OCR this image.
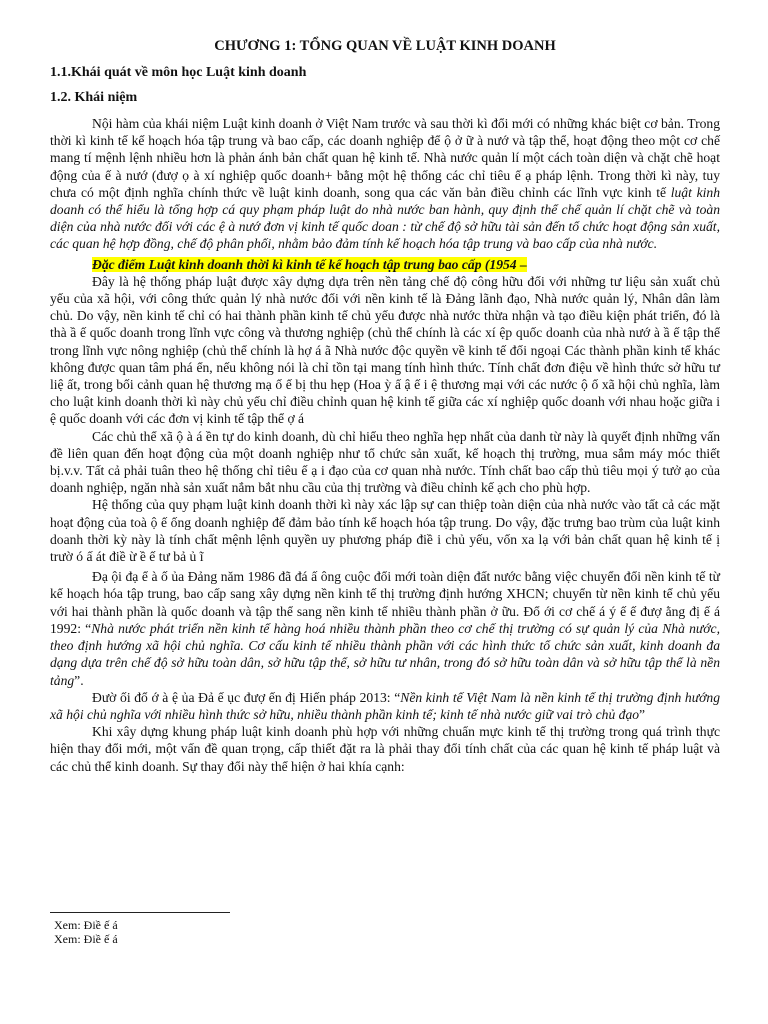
CHƯƠNG 1: TỔNG QUAN VỀ LUẬT KINH DOANH
1.1.Khái quát về môn học Luật kinh doanh
1.2. Khái niệm

Nội hàm của khái niệm Luật kinh doanh ở Việt Nam trước và sau thời kì đổi mới có những khác biệt cơ bản. Trong thời kì kinh tế kế hoạch hóa tập trung và bao cấp, các doanh nghiệp để ộ ở ữ à nướ và tập thể, hoạt động theo một cơ chế mang tí mệnh lệnh nhiều hơn là phản ánh bản chất quan hệ kinh tế. Nhà nước quản lí một cách toàn diện và chặt chẽ hoạt động của ế à nướ (đượ ọ à xí nghiệp quốc doanh+ bằng một hệ thống các chỉ tiêu ế ạ pháp lệnh. Trong thời kì này, tuy chưa có một định nghĩa chính thức về luật kinh doanh, song qua các văn bản điều chỉnh các lĩnh vực kinh tế luật kinh doanh có thể hiểu là tổng hợp cá quy phạm pháp luật do nhà nước ban hành, quy định thể chế quản lí chặt chẽ và toàn diện của nhà nước đối với các ệ à nướ đơn vị kinh tế quốc doan : từ chế độ sở hữu tài sản đến tổ chức hoạt động sản xuất, các quan hệ hợp đồng, chế độ phân phối, nhằm bảo đảm tính kế hoạch hóa tập trung và bao cấp của nhà nước.

Đặc điểm Luật kinh doanh thời kì kinh tế kế hoạch tập trung bao cấp (1954 –

Đây là hệ thống pháp luật được xây dựng dựa trên nền tảng chế độ công hữu đối với những tư liệu sản xuất chủ yếu của xã hội, với công thức quản lý nhà nước đối với nền kinh tế là Đảng lãnh đạo, Nhà nước quản lý, Nhân dân làm chủ. Do vậy, nền kinh tế chỉ có hai thành phần kinh tế chủ yếu được nhà nước thừa nhận và tạo điều kiện phát triển, đó là thà ầ ế quốc doanh trong lĩnh vực công và thương nghiệp (chủ thể chính là các xí ệp quốc doanh của nhà nướ à ầ ế tập thể trong lĩnh vực nông nghiệp (chủ thể chính là hợ á ã Nhà nước độc quyền về kinh tế đối ngoại Các thành phần kinh tế khác không được quan tâm phá ển, nếu không nói là chỉ tồn tại mang tính hình thức. Tính chất đơn điệu về hình thức sở hữu tư liệ ất, trong bối cảnh quan hệ thương mạ ố ế bị thu hẹp (Hoa ỳ ấ ậ ế i ệ thương mại với các nước ộ ố xã hội chủ nghĩa, làm cho luật kinh doanh thời kì này chủ yếu chỉ điều chỉnh quan hệ kinh tế giữa các xí nghiệp quốc doanh với nhau hoặc giữa i ệ quốc doanh với các đơn vị kinh tế tập thể ợ á

Các chủ thể xã ộ à á ền tự do kinh doanh, dù chỉ hiểu theo nghĩa hẹp nhất của danh từ này là quyết định những vấn đề liên quan đến hoạt động của một doanh nghiệp như tổ chức sản xuất, kế hoạch thị trường, mua sắm máy móc thiết bị.v.v. Tất cả phải tuân theo hệ thống chỉ tiêu ế ạ i đạo của cơ quan nhà nước. Tính chất bao cấp thủ tiêu mọi ý tưở ạo của doanh nghiệp, ngăn nhà sản xuất nắm bắt nhu cầu của thị trường và điều chỉnh kế ạch cho phù hợp.

Hệ thống của quy phạm luật kinh doanh thời kì này xác lập sự can thiệp toàn diện của nhà nước vào tất cả các mặt hoạt động của toà ộ ế ống doanh nghiệp để đảm bảo tính kế hoạch hóa tập trung. Do vậy, đặc trưng bao trùm của luật kinh doanh thời kỳ này là tính chất mệnh lệnh quyền uy phương pháp điề i chủ yếu, vốn xa lạ với bản chất quan hệ kinh tế ị trườ ó ấ át điề ừ ề ế tư bả ủ ĩ

Đạ ội đạ ể à ố ủa Đảng năm 1986 đã đá ấ ông cuộc đổi mới toàn diện đất nước bằng việc chuyển đổi nền kinh tế từ kế hoạch hóa tập trung, bao cấp sang xây dựng nền kinh tế thị trường định hướng XHCN; chuyển từ nền kinh tế chủ yếu với hai thành phần là quốc doanh và tập thể sang nền kinh tế nhiều thành phần ở ữu. Đổ ới cơ chế á ý ế ế đượ ằng đị ế á 1992: “Nhà nước phát triển nền kinh tế hàng hoá nhiều thành phần theo cơ chế thị trường có sự quản lý của Nhà nước, theo định hướng xã hội chủ nghĩa. Cơ cấu kinh tế nhiều thành phần với các hình thức tổ chức sản xuất, kinh doanh đa dạng dựa trên chế độ sở hữu toàn dân, sở hữu tập thể, sở hữu tư nhân, trong đó sở hữu toàn dân và sở hữu tập thể là nền tảng”.

Đườ ối đổ ớ à ệ ủa Đả ế ục đượ ến đị Hiến pháp 2013: “Nền kinh tế Việt Nam là nền kinh tế thị trường định hướng xã hội chủ nghĩa với nhiều hình thức sở hữu, nhiều thành phần kinh tế; kinh tế nhà nước giữ vai trò chủ đạo”

Khi xây dựng khung pháp luật kinh doanh phù hợp với những chuẩn mực kinh tế thị trường trong quá trình thực hiện thay đổi mới, một vấn đề quan trọng, cấp thiết đặt ra là phải thay đổi tính chất của các quan hệ kinh tế pháp luật và các chủ thể kinh doanh. Sự thay đổi này thể hiện ở hai khía cạnh:

Xem: Điề ế á
Xem: Điề ế á
